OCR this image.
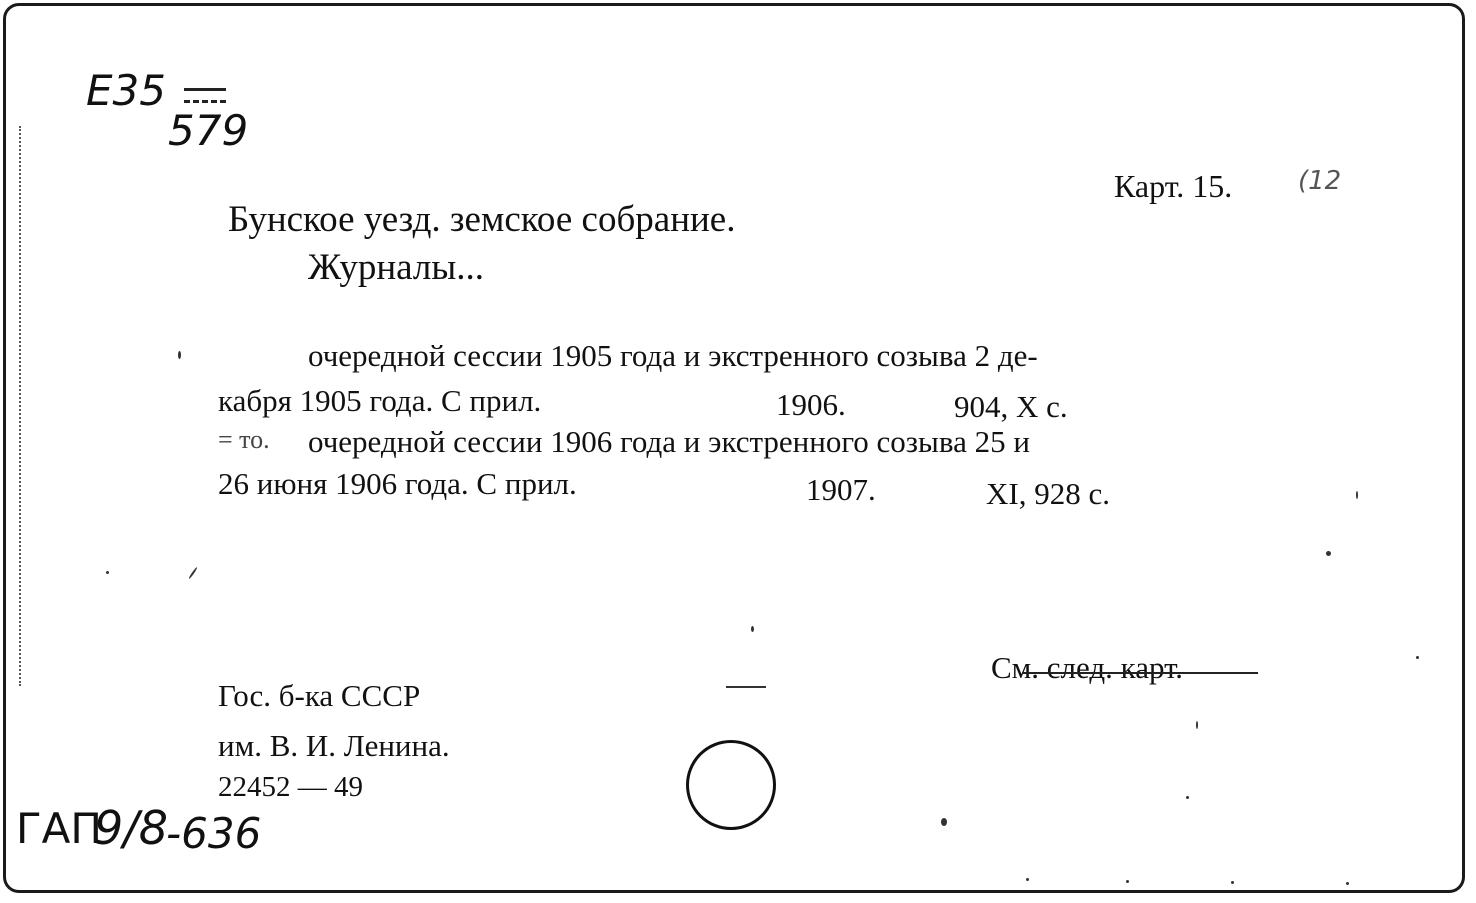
E35
579
Карт. 15.	(12
Бунское уезд. земское собрание.
Журналы...
очередной сессии 1905 года и экстренного созыва 2 де-
кабря 1905 года. С прил.	1906.	904, X с.
= то. очередной сессии 1906 года и экстренного созыва 25 и
26 июня 1906 года. С прил.	1907.	XI, 928 с.
См. след. карт.
Гос. б-ка СССР
им. В. И. Ленина.
22452 — 49
ГАП
9/8
-636
